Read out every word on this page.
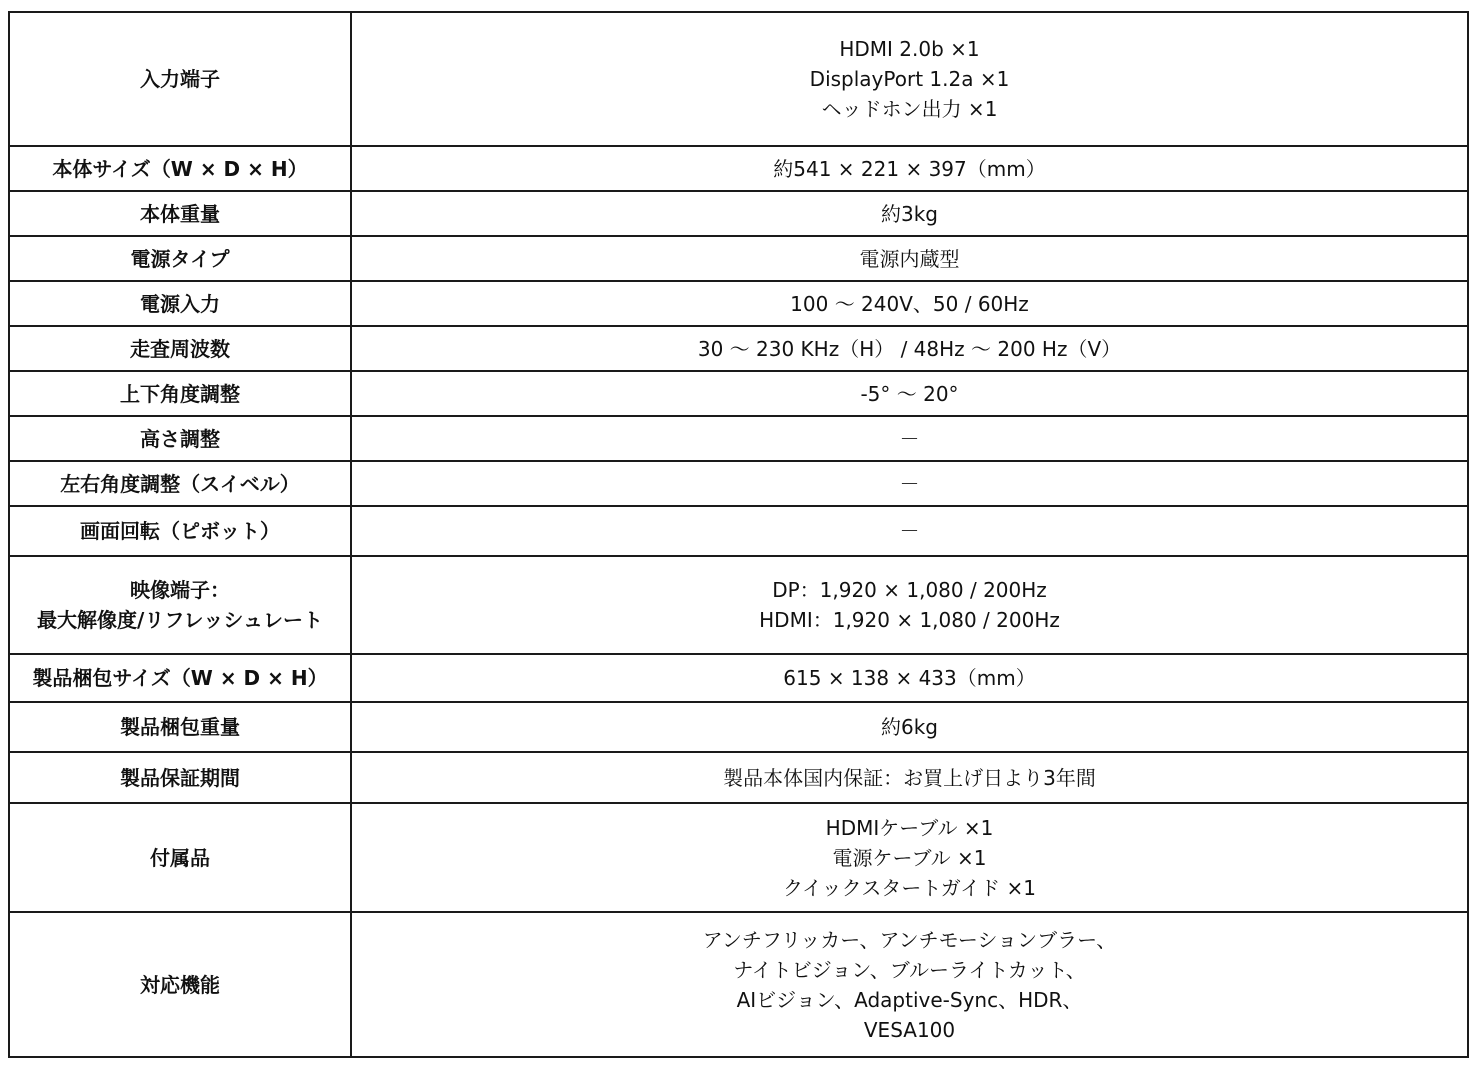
入力端子	HDMI 2.0b ×1
DisplayPort 1.2a ×1
ヘッドホン出力 ×1

本体サイズ（W × D × H）	約541 × 221 × 397（mm）

本体重量	約3kg

電源タイプ	電源内蔵型

電源入力	100 ～ 240V、50 / 60Hz

走査周波数	30 ～ 230 KHz（H） / 48Hz ～ 200 Hz（V）

上下角度調整	-5° ～ 20°

高さ調整	－

左右角度調整（スイベル）	－

画面回転（ピボット）	－

映像端子：
最大解像度/リフレッシュレート	DP：1,920 × 1,080 / 200Hz
HDMI：1,920 × 1,080 / 200Hz

製品梱包サイズ（W × D × H）	615 × 138 × 433（mm）

製品梱包重量	約6kg

製品保証期間	製品本体国内保証：お買上げ日より3年間

付属品	HDMIケーブル ×1
電源ケーブル ×1
クイックスタートガイド ×1

対応機能	アンチフリッカー、アンチモーションブラー、
ナイトビジョン、ブルーライトカット、
AIビジョン、Adaptive-Sync、HDR、
VESA100
